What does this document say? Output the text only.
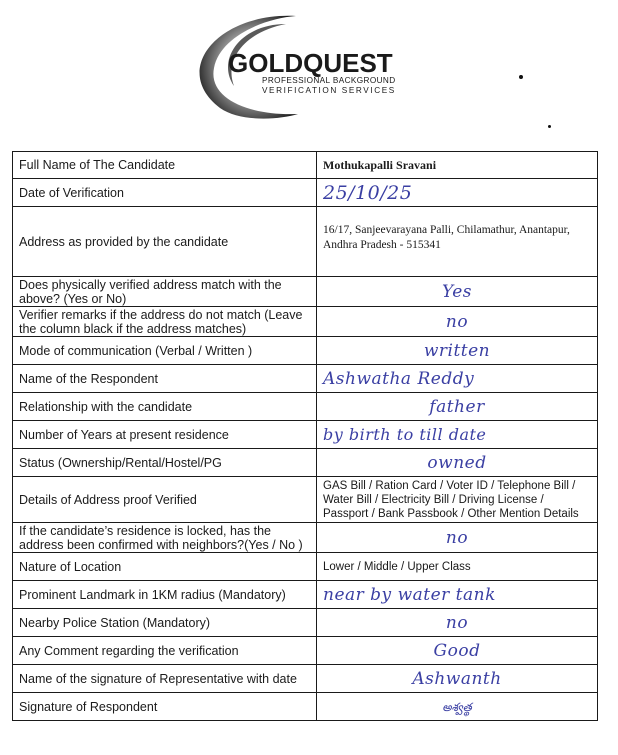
GOLDQUEST
PROFESSIONAL BACKGROUND
VERIFICATION SERVICES
Full Name of The Candidate	Mothukapalli Sravani
Date of Verification	25/10/25

Address as provided by the candidate	16/17, Sanjeevarayana Palli, Chilamathur, Anantapur, Andhra Pradesh - 515341

Does physically verified address match with the above? (Yes or No)	Yes

Verifier remarks if the address do not match (Leave the column black if the address matches)	no

Mode of communication (Verbal / Written )	written

Name of the Respondent	Ashwatha Reddy

Relationship with the candidate	father

Number of Years at present residence	by birth to till date

Status (Ownership/Rental/Hostel/PG	owned

Details of Address proof Verified	GAS Bill / Ration Card / Voter ID / Telephone Bill / Water Bill / Electricity Bill / Driving License / Passport / Bank Passbook / Other Mention Details
If the candidate’s residence is locked, has the address been confirmed with neighbors?(Yes / No )	no

Nature of Location	Lower / Middle / Upper Class
Prominent Landmark in 1KM radius (Mandatory)	near by water tank

Nearby Police Station (Mandatory)	no

Any Comment regarding the verification	Good

Name of the signature of Representative with date	Ashwanth

Signature of Respondent	అశ్వత్థ
